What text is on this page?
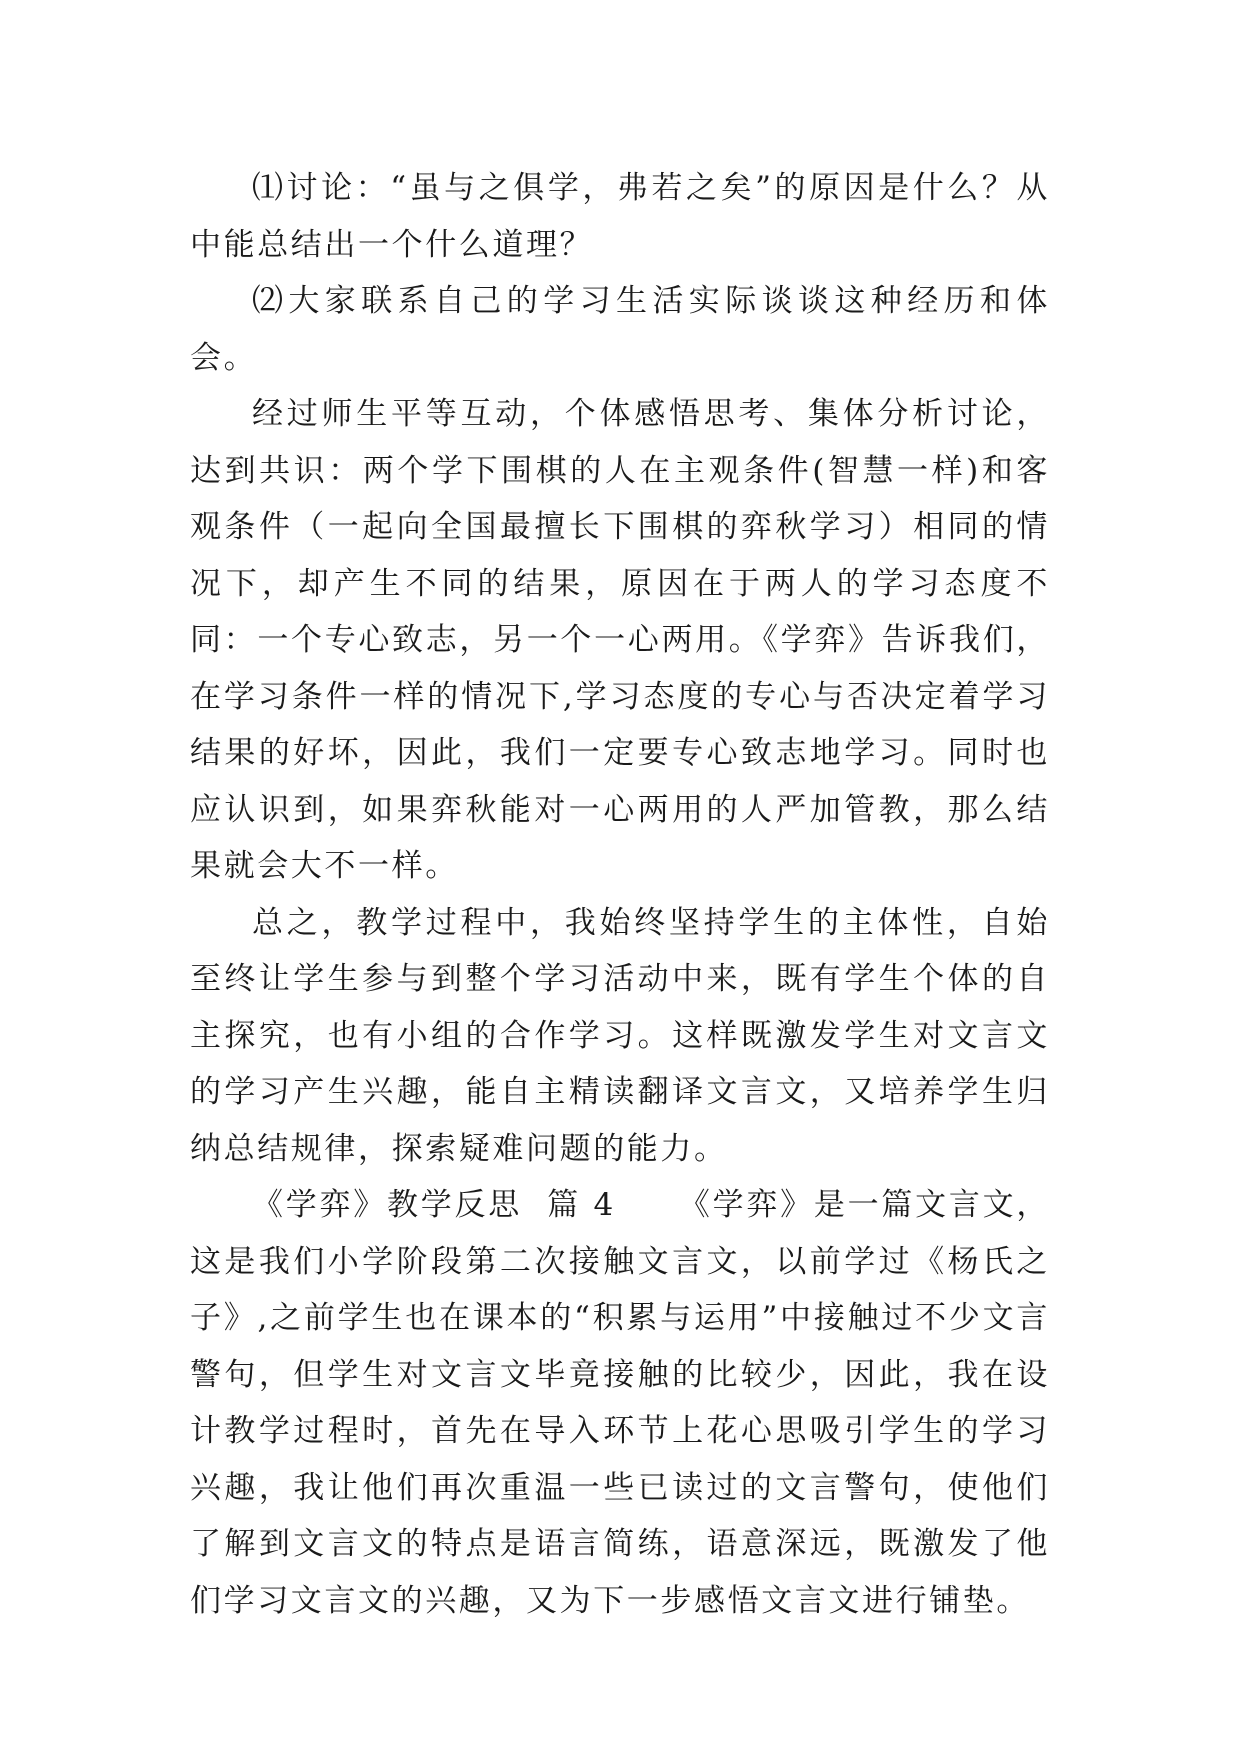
⑴讨论：“虽与之俱学，弗若之矣”的原因是什么？从中能总结出一个什么道理？

⑵大家联系自己的学习生活实际谈谈这种经历和体会。

经过师生平等互动，个体感悟思考、集体分析讨论，达到共识：两个学下围棋的人在主观条件(智慧一样)和客观条件（一起向全国最擅长下围棋的弈秋学习）相同的情况下，却产生不同的结果，原因在于两人的学习态度不同：一个专心致志，另一个一心两用。《学弈》告诉我们，在学习条件一样的情况下,学习态度的专心与否决定着学习结果的好坏，因此，我们一定要专心致志地学习。同时也应认识到，如果弈秋能对一心两用的人严加管教，那么结果就会大不一样。

总之，教学过程中，我始终坚持学生的主体性，自始至终让学生参与到整个学习活动中来，既有学生个体的自主探究，也有小组的合作学习。这样既激发学生对文言文的学习产生兴趣，能自主精读翻译文言文，又培养学生归纳总结规律，探索疑难问题的能力。

《学弈》教学反思  篇 4     《学弈》是一篇文言文，这是我们小学阶段第二次接触文言文，以前学过《杨氏之子》,之前学生也在课本的“积累与运用”中接触过不少文言警句，但学生对文言文毕竟接触的比较少，因此，我在设计教学过程时，首先在导入环节上花心思吸引学生的学习兴趣，我让他们再次重温一些已读过的文言警句，使他们了解到文言文的特点是语言简练，语意深远，既激发了他们学习文言文的兴趣，又为下一步感悟文言文进行铺垫。
